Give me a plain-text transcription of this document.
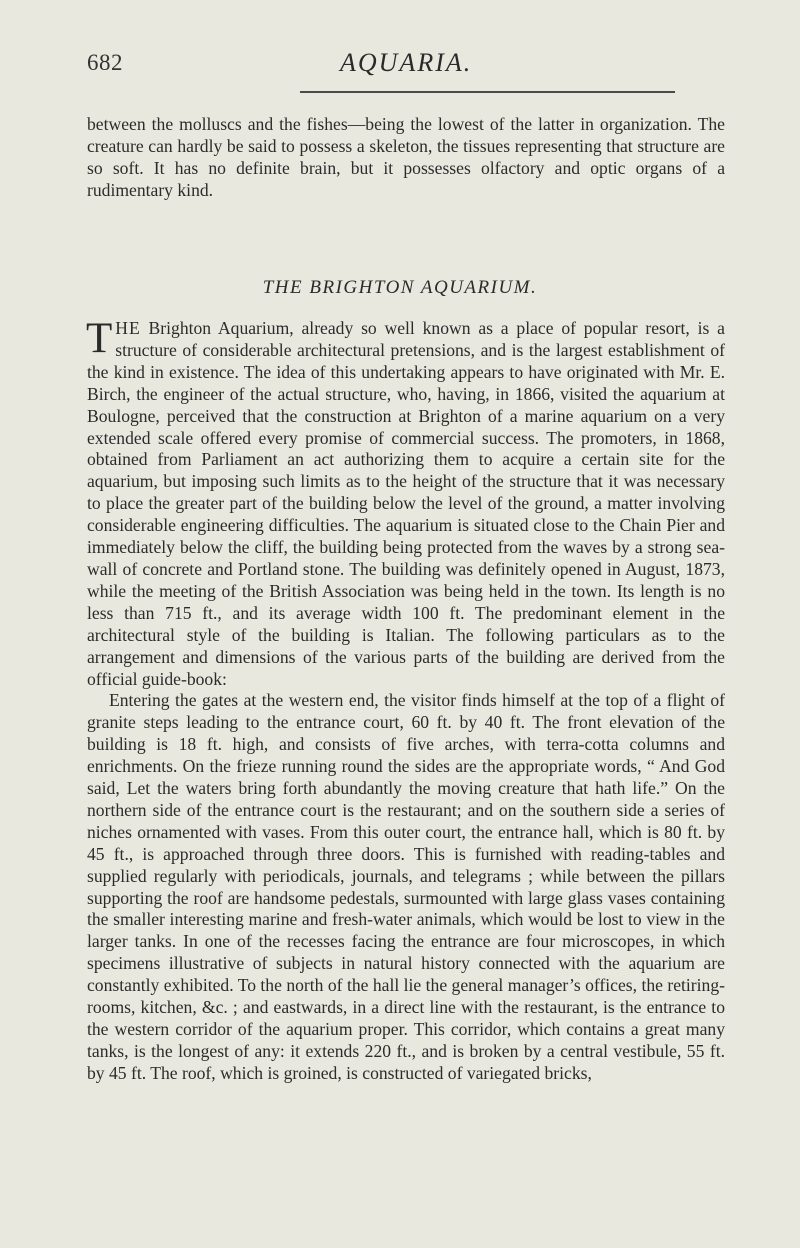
682	AQUARIA.

between the molluscs and the fishes—being the lowest of the latter in organization. The creature can hardly be said to possess a skeleton, the tissues representing that structure are so soft. It has no definite brain, but it possesses olfactory and optic organs of a rudimentary kind.

THE BRIGHTON AQUARIUM.

THE Brighton Aquarium, already so well known as a place of popular resort, is a structure of considerable architectural pretensions, and is the largest establishment of the kind in existence. The idea of this undertaking appears to have originated with Mr. E. Birch, the engineer of the actual structure, who, having, in 1866, visited the aquarium at Boulogne, perceived that the construction at Brighton of a marine aquarium on a very extended scale offered every promise of commercial success. The promoters, in 1868, obtained from Parliament an act authorizing them to acquire a certain site for the aquarium, but imposing such limits as to the height of the structure that it was necessary to place the greater part of the building below the level of the ground, a matter involving considerable engineering difficulties. The aquarium is situated close to the Chain Pier and immediately below the cliff, the building being protected from the waves by a strong sea-wall of concrete and Portland stone. The building was definitely opened in August, 1873, while the meeting of the British Association was being held in the town. Its length is no less than 715 ft., and its average width 100 ft. The predominant element in the architectural style of the building is Italian. The following particulars as to the arrangement and dimensions of the various parts of the building are derived from the official guide-book:

Entering the gates at the western end, the visitor finds himself at the top of a flight of granite steps leading to the entrance court, 60 ft. by 40 ft. The front elevation of the building is 18 ft. high, and consists of five arches, with terra-cotta columns and enrichments. On the frieze running round the sides are the appropriate words, “ And God said, Let the waters bring forth abundantly the moving creature that hath life.” On the northern side of the entrance court is the restaurant; and on the southern side a series of niches ornamented with vases. From this outer court, the entrance hall, which is 80 ft. by 45 ft., is approached through three doors. This is furnished with reading-tables and supplied regularly with periodicals, journals, and telegrams ; while between the pillars supporting the roof are handsome pedestals, surmounted with large glass vases containing the smaller interesting marine and fresh-water animals, which would be lost to view in the larger tanks. In one of the recesses facing the entrance are four microscopes, in which specimens illustrative of subjects in natural history connected with the aquarium are constantly exhibited. To the north of the hall lie the general manager’s offices, the retiring-rooms, kitchen, &c. ; and eastwards, in a direct line with the restaurant, is the entrance to the western corridor of the aquarium proper. This corridor, which contains a great many tanks, is the longest of any: it extends 220 ft., and is broken by a central vestibule, 55 ft. by 45 ft. The roof, which is groined, is constructed of variegated bricks,
